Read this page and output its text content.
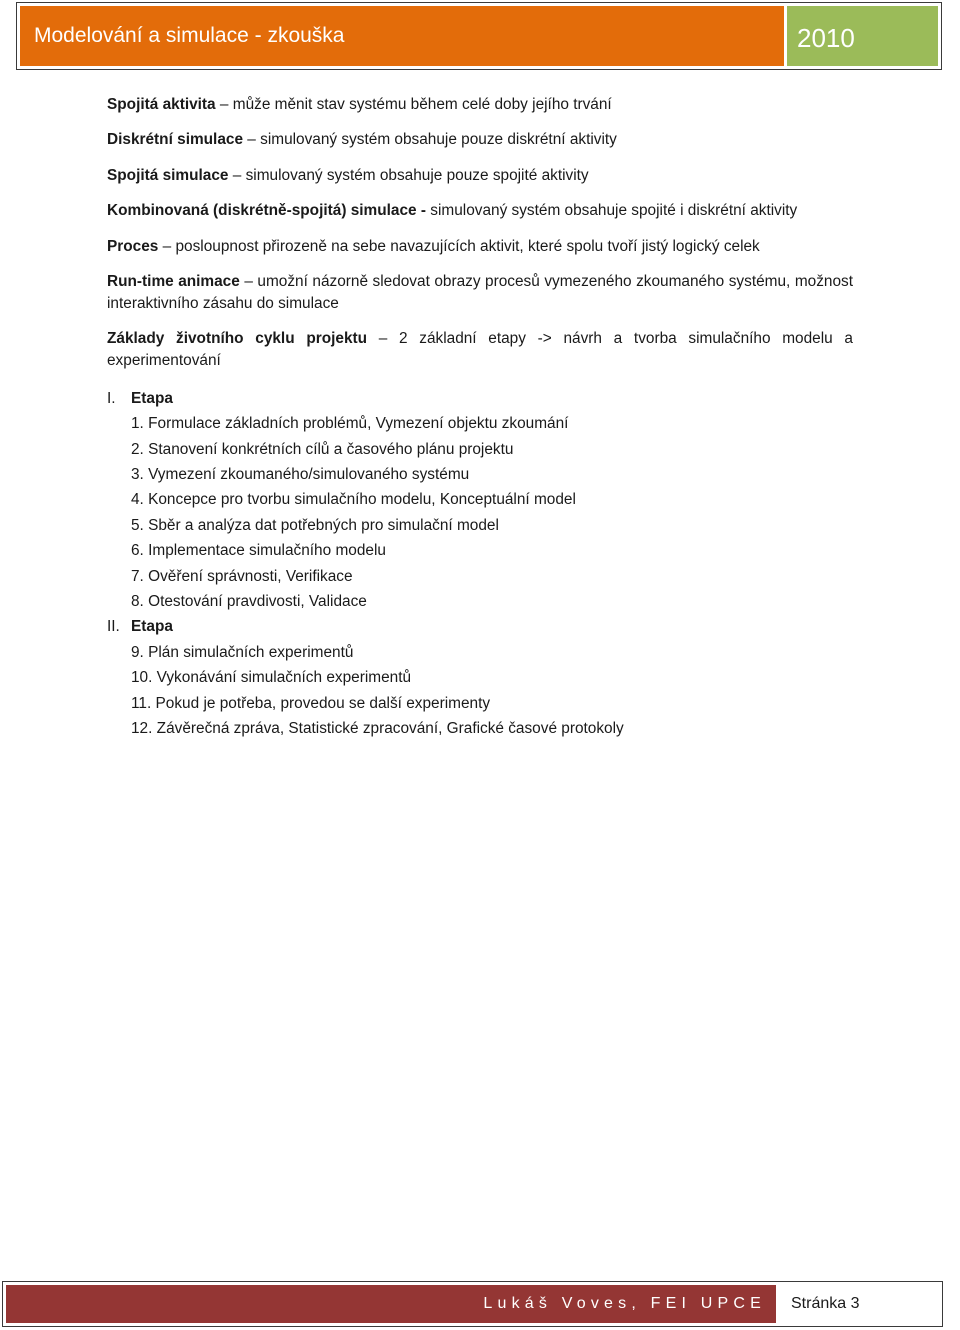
Modelování a simulace - zkouška	2010

Spojitá aktivita – může měnit stav systému během celé doby jejího trvání

Diskrétní simulace – simulovaný systém obsahuje pouze diskrétní aktivity

Spojitá simulace – simulovaný systém obsahuje pouze spojité aktivity

Kombinovaná (diskrétně-spojitá) simulace - simulovaný systém obsahuje spojité i diskrétní aktivity

Proces – posloupnost přirozeně na sebe navazujících aktivit, které spolu tvoří jistý logický celek

Run-time animace – umožní názorně sledovat obrazy procesů vymezeného zkoumaného systému, možnost interaktivního zásahu do simulace

Základy životního cyklu projektu – 2 základní etapy -> návrh a tvorba simulačního modelu a experimentování

I. Etapa
1. Formulace základních problémů, Vymezení objektu zkoumání
2. Stanovení konkrétních cílů a časového plánu projektu
3. Vymezení zkoumaného/simulovaného systému
4. Koncepce pro tvorbu simulačního modelu, Konceptuální model
5. Sběr a analýza dat potřebných pro simulační model
6. Implementace simulačního modelu
7. Ověření správnosti, Verifikace
8. Otestování pravdivosti, Validace
II. Etapa
9. Plán simulačních experimentů
10. Vykonávání simulačních experimentů
11. Pokud je potřeba, provedou se další experimenty
12. Závěrečná zpráva, Statistické zpracování, Grafické časové protokoly
Lukáš Voves, FEI UPCE Stránka 3
